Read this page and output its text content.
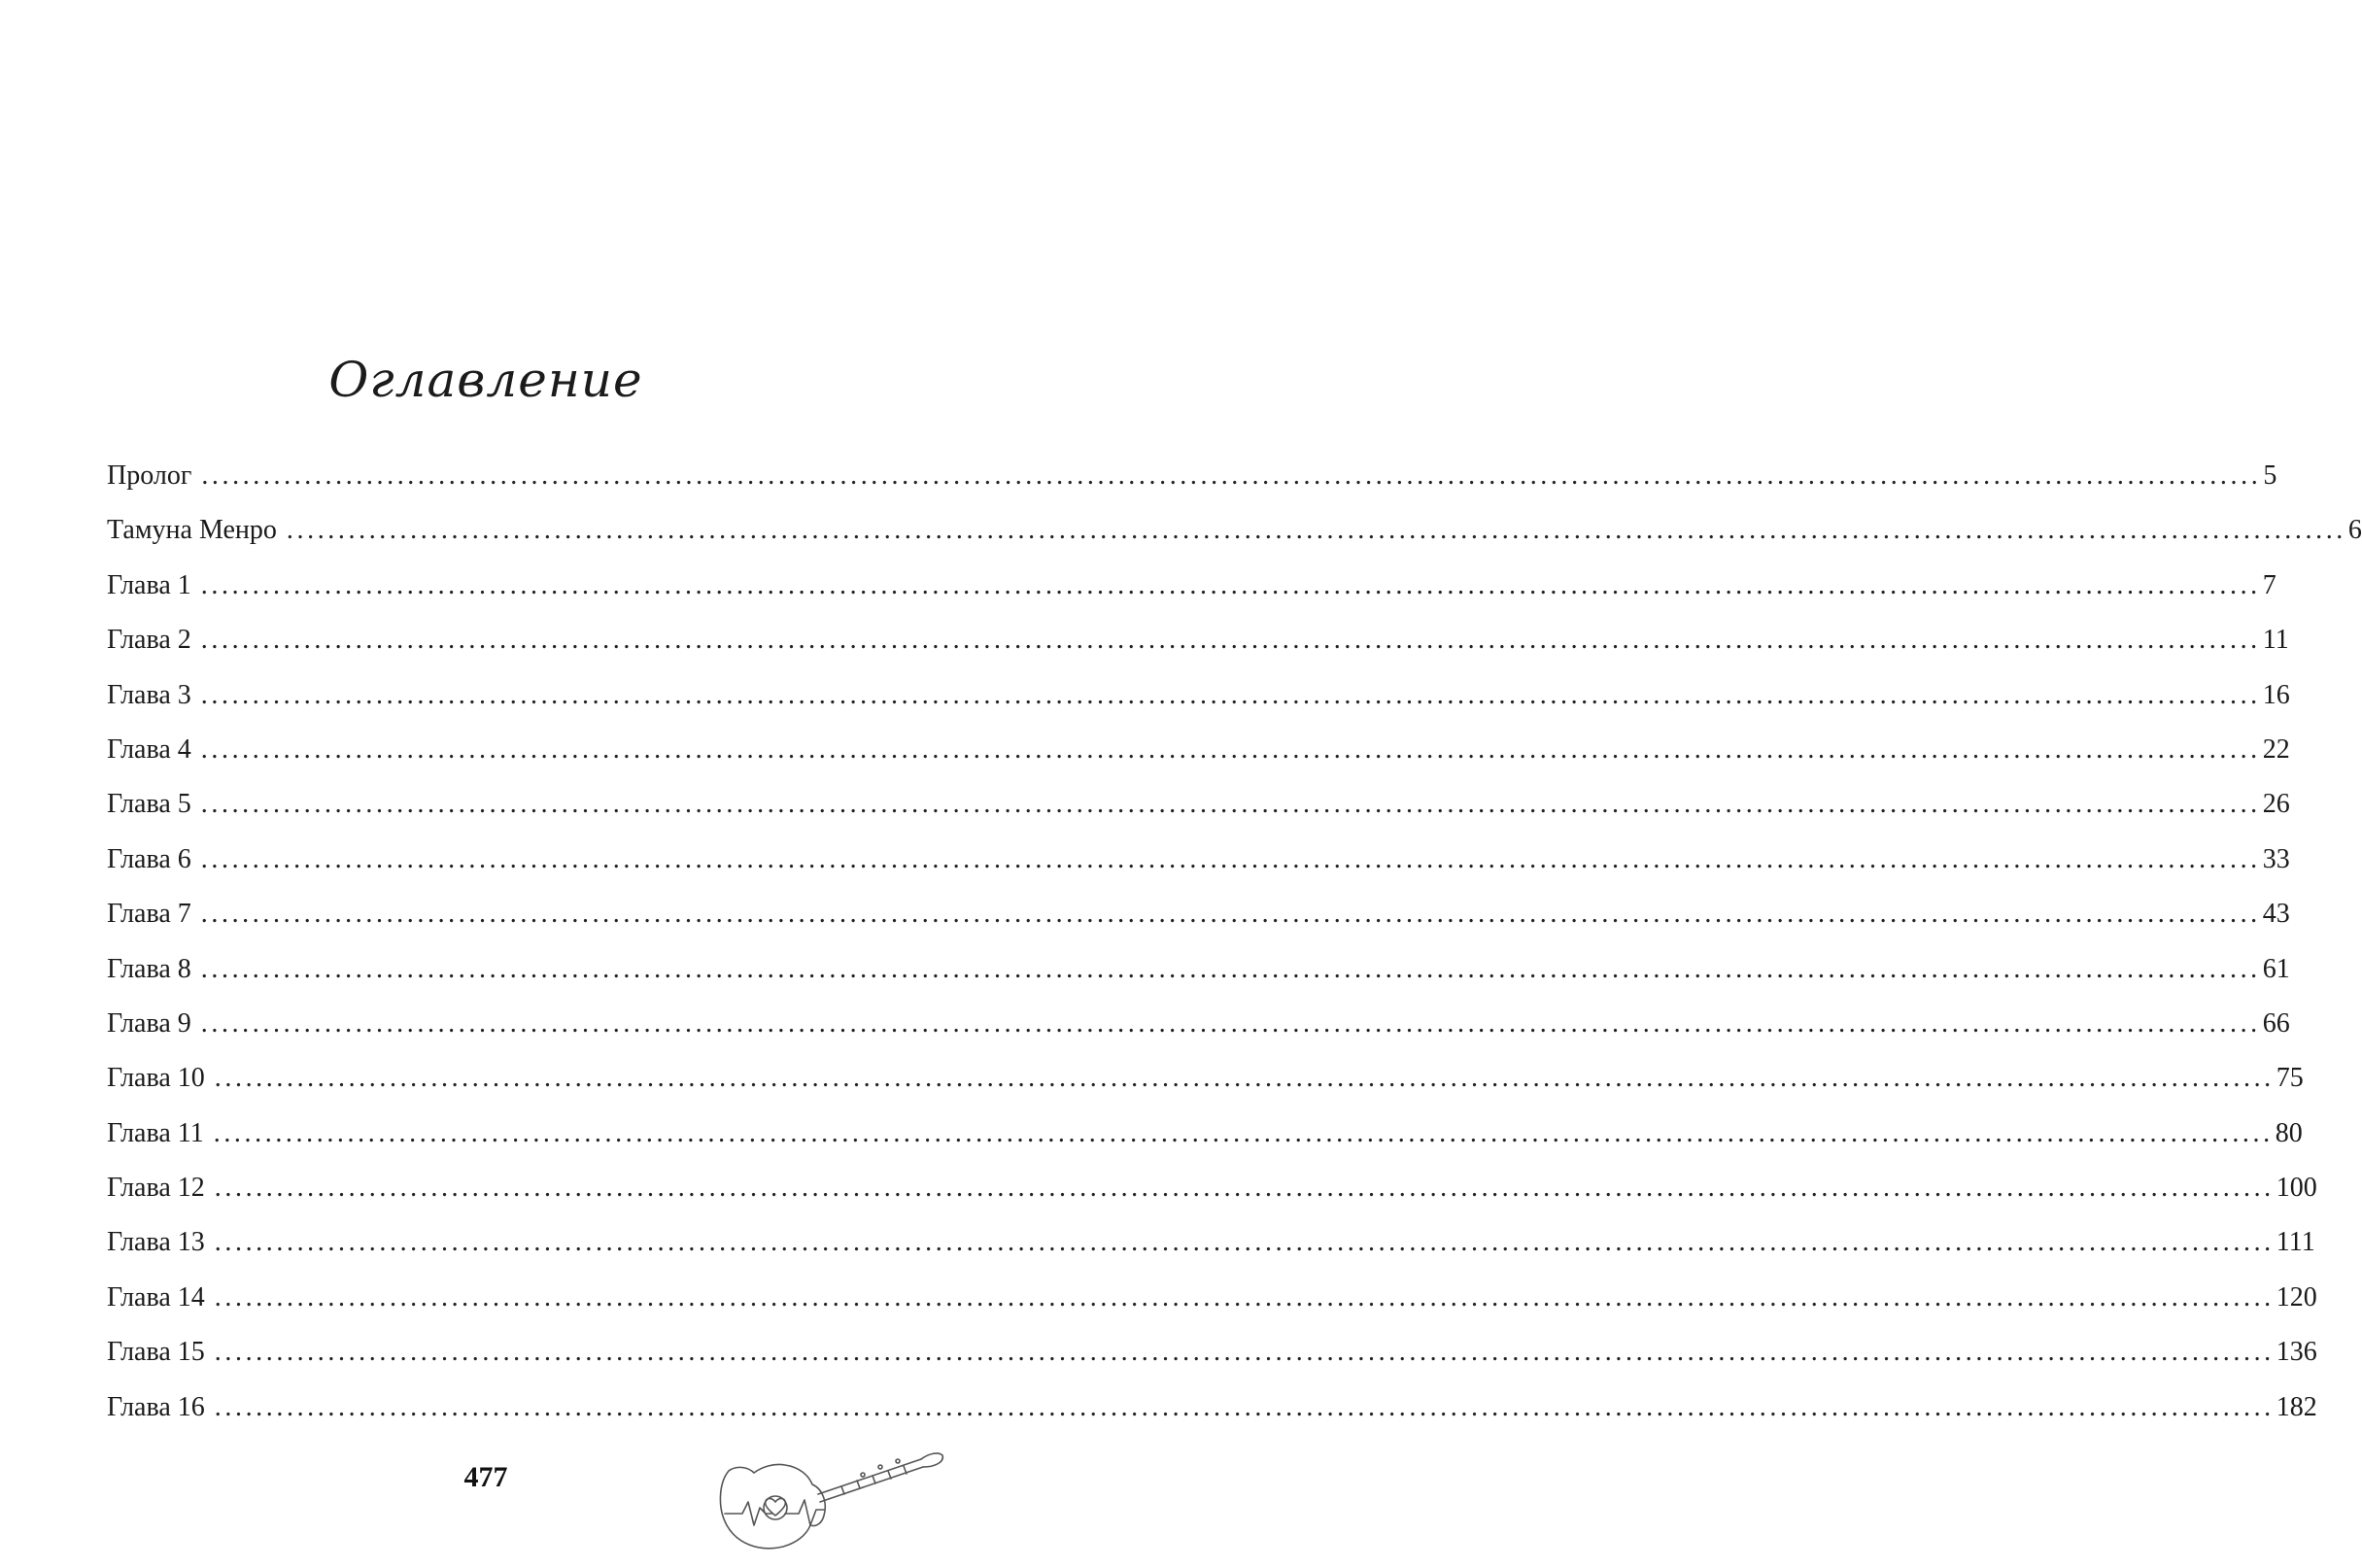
Оглавление
Пролог ........................................................................................................................................................................................................ 5
Тамуна Менро ........................................................................................................................................................................................................ 6
Глава 1 ........................................................................................................................................................................................................ 7
Глава 2 ........................................................................................................................................................................................................ 11
Глава 3 ........................................................................................................................................................................................................ 16
Глава 4 ........................................................................................................................................................................................................ 22
Глава 5 ........................................................................................................................................................................................................ 26
Глава 6 ........................................................................................................................................................................................................ 33
Глава 7 ........................................................................................................................................................................................................ 43
Глава 8 ........................................................................................................................................................................................................ 61
Глава 9 ........................................................................................................................................................................................................ 66
Глава 10 ........................................................................................................................................................................................................ 75
Глава 11 ........................................................................................................................................................................................................ 80
Глава 12 ........................................................................................................................................................................................................ 100
Глава 13 ........................................................................................................................................................................................................ 111
Глава 14 ........................................................................................................................................................................................................ 120
Глава 15 ........................................................................................................................................................................................................ 136
Глава 16 ........................................................................................................................................................................................................ 182
477
